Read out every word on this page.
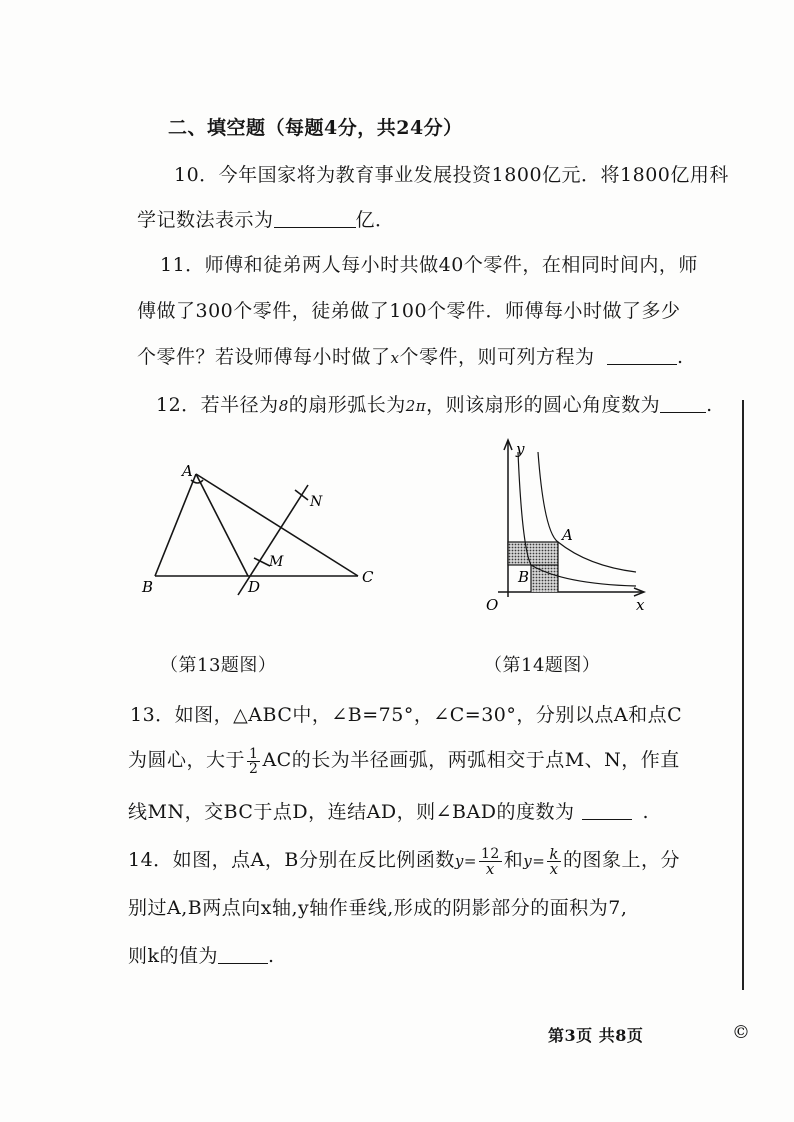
二、填空题（每题4分，共24分）
10．今年国家将为教育事业发展投资1800亿元．将1800亿用科
学记数法表示为	亿．
11．师傅和徒弟两人每小时共做40个零件，在相同时间内，师
傅做了300个零件，徒弟做了100个零件．师傅每小时做了多少
个零件？若设师傅每小时做了x个零件，则可列方程为	.
12．若半径为8的扇形弧长为2π，则该扇形的圆心角度数为 .
A
B
C
D
M
N
y
x
O
A
B
（第13题图）	（第14题图）
13．如图，△ABC中，∠B=75°，∠C=30°，分别以点A和点C
为圆心，大于 $\frac{1}{2}$ AC的长为半径画弧，两弧相交于点M、N，作直
线MN，交BC于点D，连结AD，则∠BAD的度数为	.
14．如图，点A，B分别在反比例函数$y= \frac{12}{x}$ 和$y= \frac{k}{x}$ 的图象上，分
别过A,B两点向x轴,y轴作垂线,形成的阴影部分的面积为7,
则k的值为	.
第3页 共8页	©
